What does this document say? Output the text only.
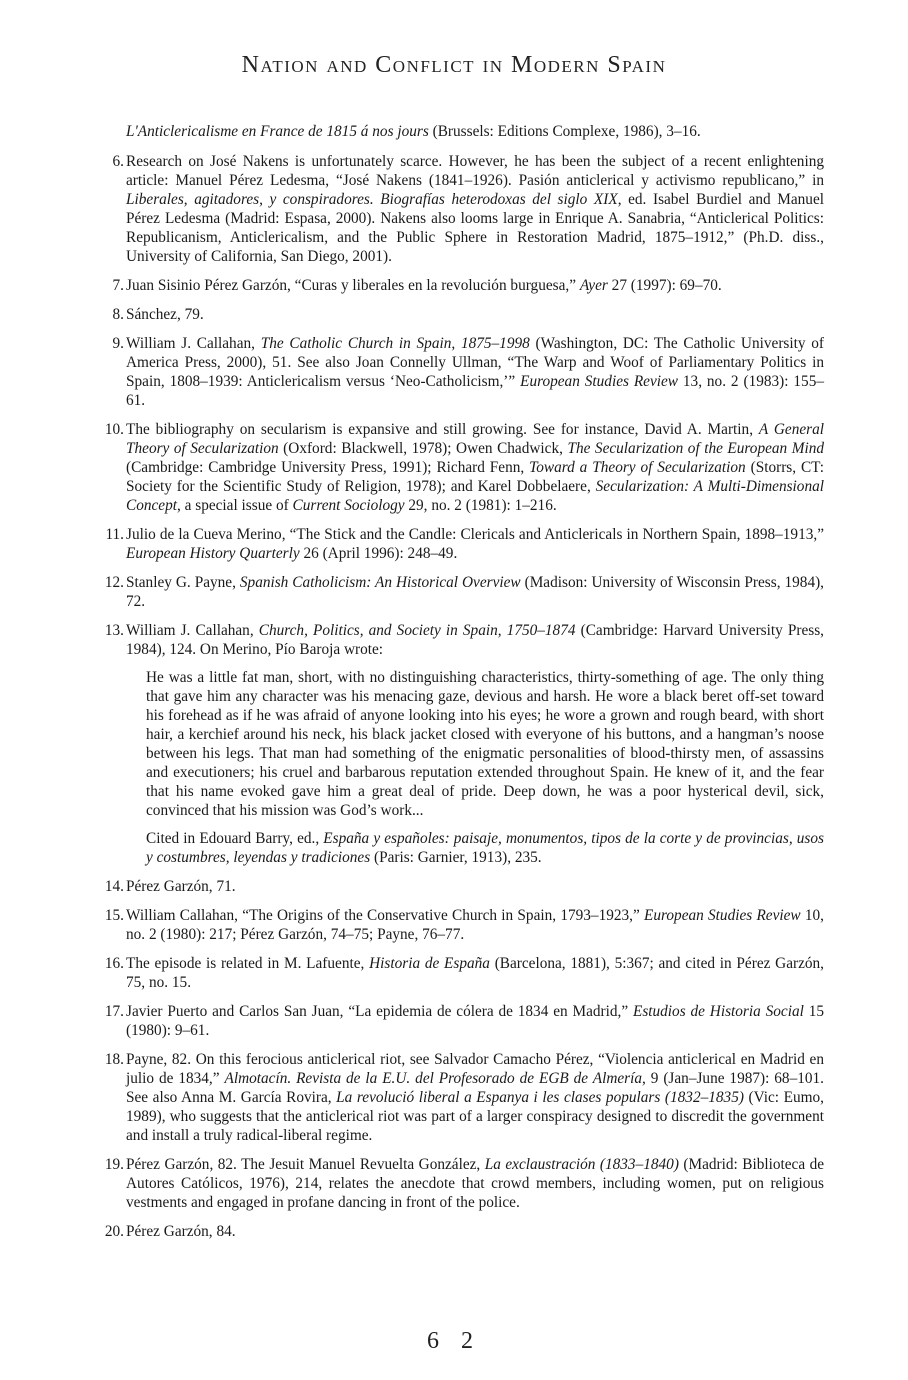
Nation and Conflict in Modern Spain
L'Anticlericalisme en France de 1815 á nos jours (Brussels: Editions Complexe, 1986), 3–16.
6. Research on José Nakens is unfortunately scarce. However, he has been the subject of a recent enlightening article: Manuel Pérez Ledesma, “José Nakens (1841–1926). Pasión anticlerical y activismo republicano,” in Liberales, agitadores, y conspiradores. Biografías heterodoxas del siglo XIX, ed. Isabel Burdiel and Manuel Pérez Ledesma (Madrid: Espasa, 2000). Nakens also looms large in Enrique A. Sanabria, “Anticlerical Politics: Republicanism, Anticlericalism, and the Public Sphere in Restoration Madrid, 1875–1912,” (Ph.D. diss., University of California, San Diego, 2001).
7. Juan Sisinio Pérez Garzón, “Curas y liberales en la revolución burguesa,” Ayer 27 (1997): 69–70.
8. Sánchez, 79.
9. William J. Callahan, The Catholic Church in Spain, 1875–1998 (Washington, DC: The Catholic University of America Press, 2000), 51. See also Joan Connelly Ullman, “The Warp and Woof of Parliamentary Politics in Spain, 1808–1939: Anticlericalism versus ‘Neo-Catholicism,’” European Studies Review 13, no. 2 (1983): 155–61.
10. The bibliography on secularism is expansive and still growing. See for instance, David A. Martin, A General Theory of Secularization (Oxford: Blackwell, 1978); Owen Chadwick, The Secularization of the European Mind (Cambridge: Cambridge University Press, 1991); Richard Fenn, Toward a Theory of Secularization (Storrs, CT: Society for the Scientific Study of Religion, 1978); and Karel Dobbelaere, Secularization: A Multi-Dimensional Concept, a special issue of Current Sociology 29, no. 2 (1981): 1–216.
11. Julio de la Cueva Merino, “The Stick and the Candle: Clericals and Anticlericals in Northern Spain, 1898–1913,” European History Quarterly 26 (April 1996): 248–49.
12. Stanley G. Payne, Spanish Catholicism: An Historical Overview (Madison: University of Wisconsin Press, 1984), 72.
13. William J. Callahan, Church, Politics, and Society in Spain, 1750–1874 (Cambridge: Harvard University Press, 1984), 124. On Merino, Pío Baroja wrote:

He was a little fat man, short, with no distinguishing characteristics, thirty-something of age. The only thing that gave him any character was his menacing gaze, devious and harsh. He wore a black beret off-set toward his forehead as if he was afraid of anyone looking into his eyes; he wore a grown and rough beard, with short hair, a kerchief around his neck, his black jacket closed with everyone of his buttons, and a hangman’s noose between his legs. That man had something of the enigmatic personalities of blood-thirsty men, of assassins and executioners; his cruel and barbarous reputation extended throughout Spain. He knew of it, and the fear that his name evoked gave him a great deal of pride. Deep down, he was a poor hysterical devil, sick, convinced that his mission was God’s work...

Cited in Edouard Barry, ed., España y españoles: paisaje, monumentos, tipos de la corte y de provincias, usos y costumbres, leyendas y tradiciones (Paris: Garnier, 1913), 235.

14. Pérez Garzón, 71.
15. William Callahan, “The Origins of the Conservative Church in Spain, 1793–1923,” European Studies Review 10, no. 2 (1980): 217; Pérez Garzón, 74–75; Payne, 76–77.
16. The episode is related in M. Lafuente, Historia de España (Barcelona, 1881), 5:367; and cited in Pérez Garzón, 75, no. 15.
17. Javier Puerto and Carlos San Juan, “La epidemia de cólera de 1834 en Madrid,” Estudios de Historia Social 15 (1980): 9–61.
18. Payne, 82. On this ferocious anticlerical riot, see Salvador Camacho Pérez, “Violencia anticlerical en Madrid en julio de 1834,” Almotacín. Revista de la E.U. del Profesorado de EGB de Almería, 9 (Jan–June 1987): 68–101. See also Anna M. García Rovira, La revolució liberal a Espanya i les clases populars (1832–1835) (Vic: Eumo, 1989), who suggests that the anticlerical riot was part of a larger conspiracy designed to discredit the government and install a truly radical-liberal regime.
19. Pérez Garzón, 82. The Jesuit Manuel Revuelta González, La exclaustración (1833–1840) (Madrid: Biblioteca de Autores Católicos, 1976), 214, relates the anecdote that crowd members, including women, put on religious vestments and engaged in profane dancing in front of the police.
20. Pérez Garzón, 84.
6 2
